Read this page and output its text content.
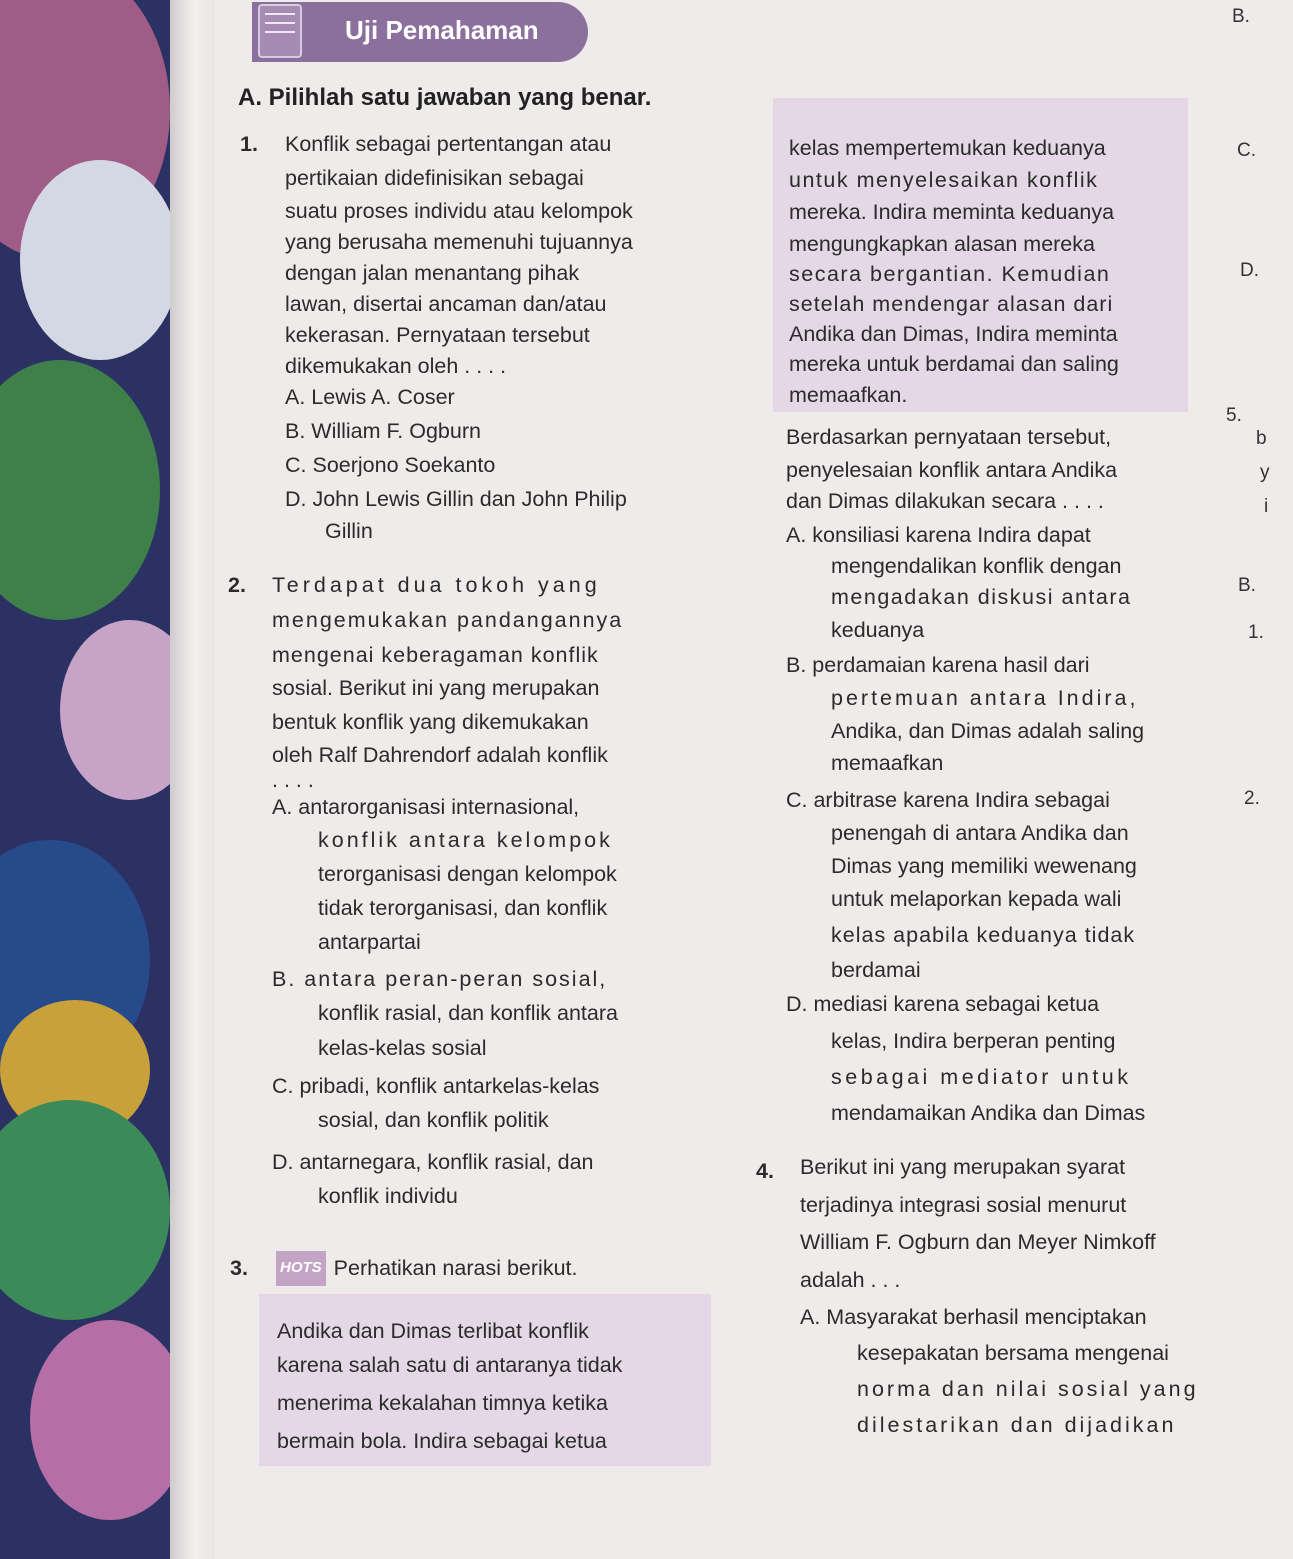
Uji Pemahaman
A. Pilihlah satu jawaban yang benar.
B.
C.
D.
5.
b
y
i
B.
1.
2.
1. Konflik sebagai pertentangan atau
pertikaian didefinisikan sebagai
suatu proses individu atau kelompok
yang berusaha memenuhi tujuannya
dengan jalan menantang pihak
lawan, disertai ancaman dan/atau
kekerasan. Pernyataan tersebut
dikemukakan oleh . . . .
A. Lewis A. Coser
B. William F. Ogburn
C. Soerjono Soekanto
D. John Lewis Gillin dan John Philip
Gillin
2. Terdapat dua tokoh yang
mengemukakan pandangannya
mengenai keberagaman konflik
sosial. Berikut ini yang merupakan
bentuk konflik yang dikemukakan
oleh Ralf Dahrendorf adalah konflik
. . . .
A. antarorganisasi internasional,
konflik antara kelompok
terorganisasi dengan kelompok
tidak terorganisasi, dan konflik
antarpartai
B. antara peran-peran sosial,
konflik rasial, dan konflik antara
kelas-kelas sosial
C. pribadi, konflik antarkelas-kelas
sosial, dan konflik politik
D. antarnegara, konflik rasial, dan
konflik individu
3. HOTS Perhatikan narasi berikut.
Andika dan Dimas terlibat konflik
karena salah satu di antaranya tidak
menerima kekalahan timnya ketika
bermain bola. Indira sebagai ketua
kelas mempertemukan keduanya
untuk menyelesaikan konflik
mereka. Indira meminta keduanya
mengungkapkan alasan mereka
secara bergantian. Kemudian
setelah mendengar alasan dari
Andika dan Dimas, Indira meminta
mereka untuk berdamai dan saling
memaafkan.
Berdasarkan pernyataan tersebut,
penyelesaian konflik antara Andika
dan Dimas dilakukan secara . . . .
A. konsiliasi karena Indira dapat
mengendalikan konflik dengan
mengadakan diskusi antara
keduanya
B. perdamaian karena hasil dari
pertemuan antara Indira,
Andika, dan Dimas adalah saling
memaafkan
C. arbitrase karena Indira sebagai
penengah di antara Andika dan
Dimas yang memiliki wewenang
untuk melaporkan kepada wali
kelas apabila keduanya tidak
berdamai
D. mediasi karena sebagai ketua
kelas, Indira berperan penting
sebagai mediator untuk
mendamaikan Andika dan Dimas
4. Berikut ini yang merupakan syarat
terjadinya integrasi sosial menurut
William F. Ogburn dan Meyer Nimkoff
adalah . . .
A. Masyarakat berhasil menciptakan
kesepakatan bersama mengenai
norma dan nilai sosial yang
dilestarikan dan dijadikan
